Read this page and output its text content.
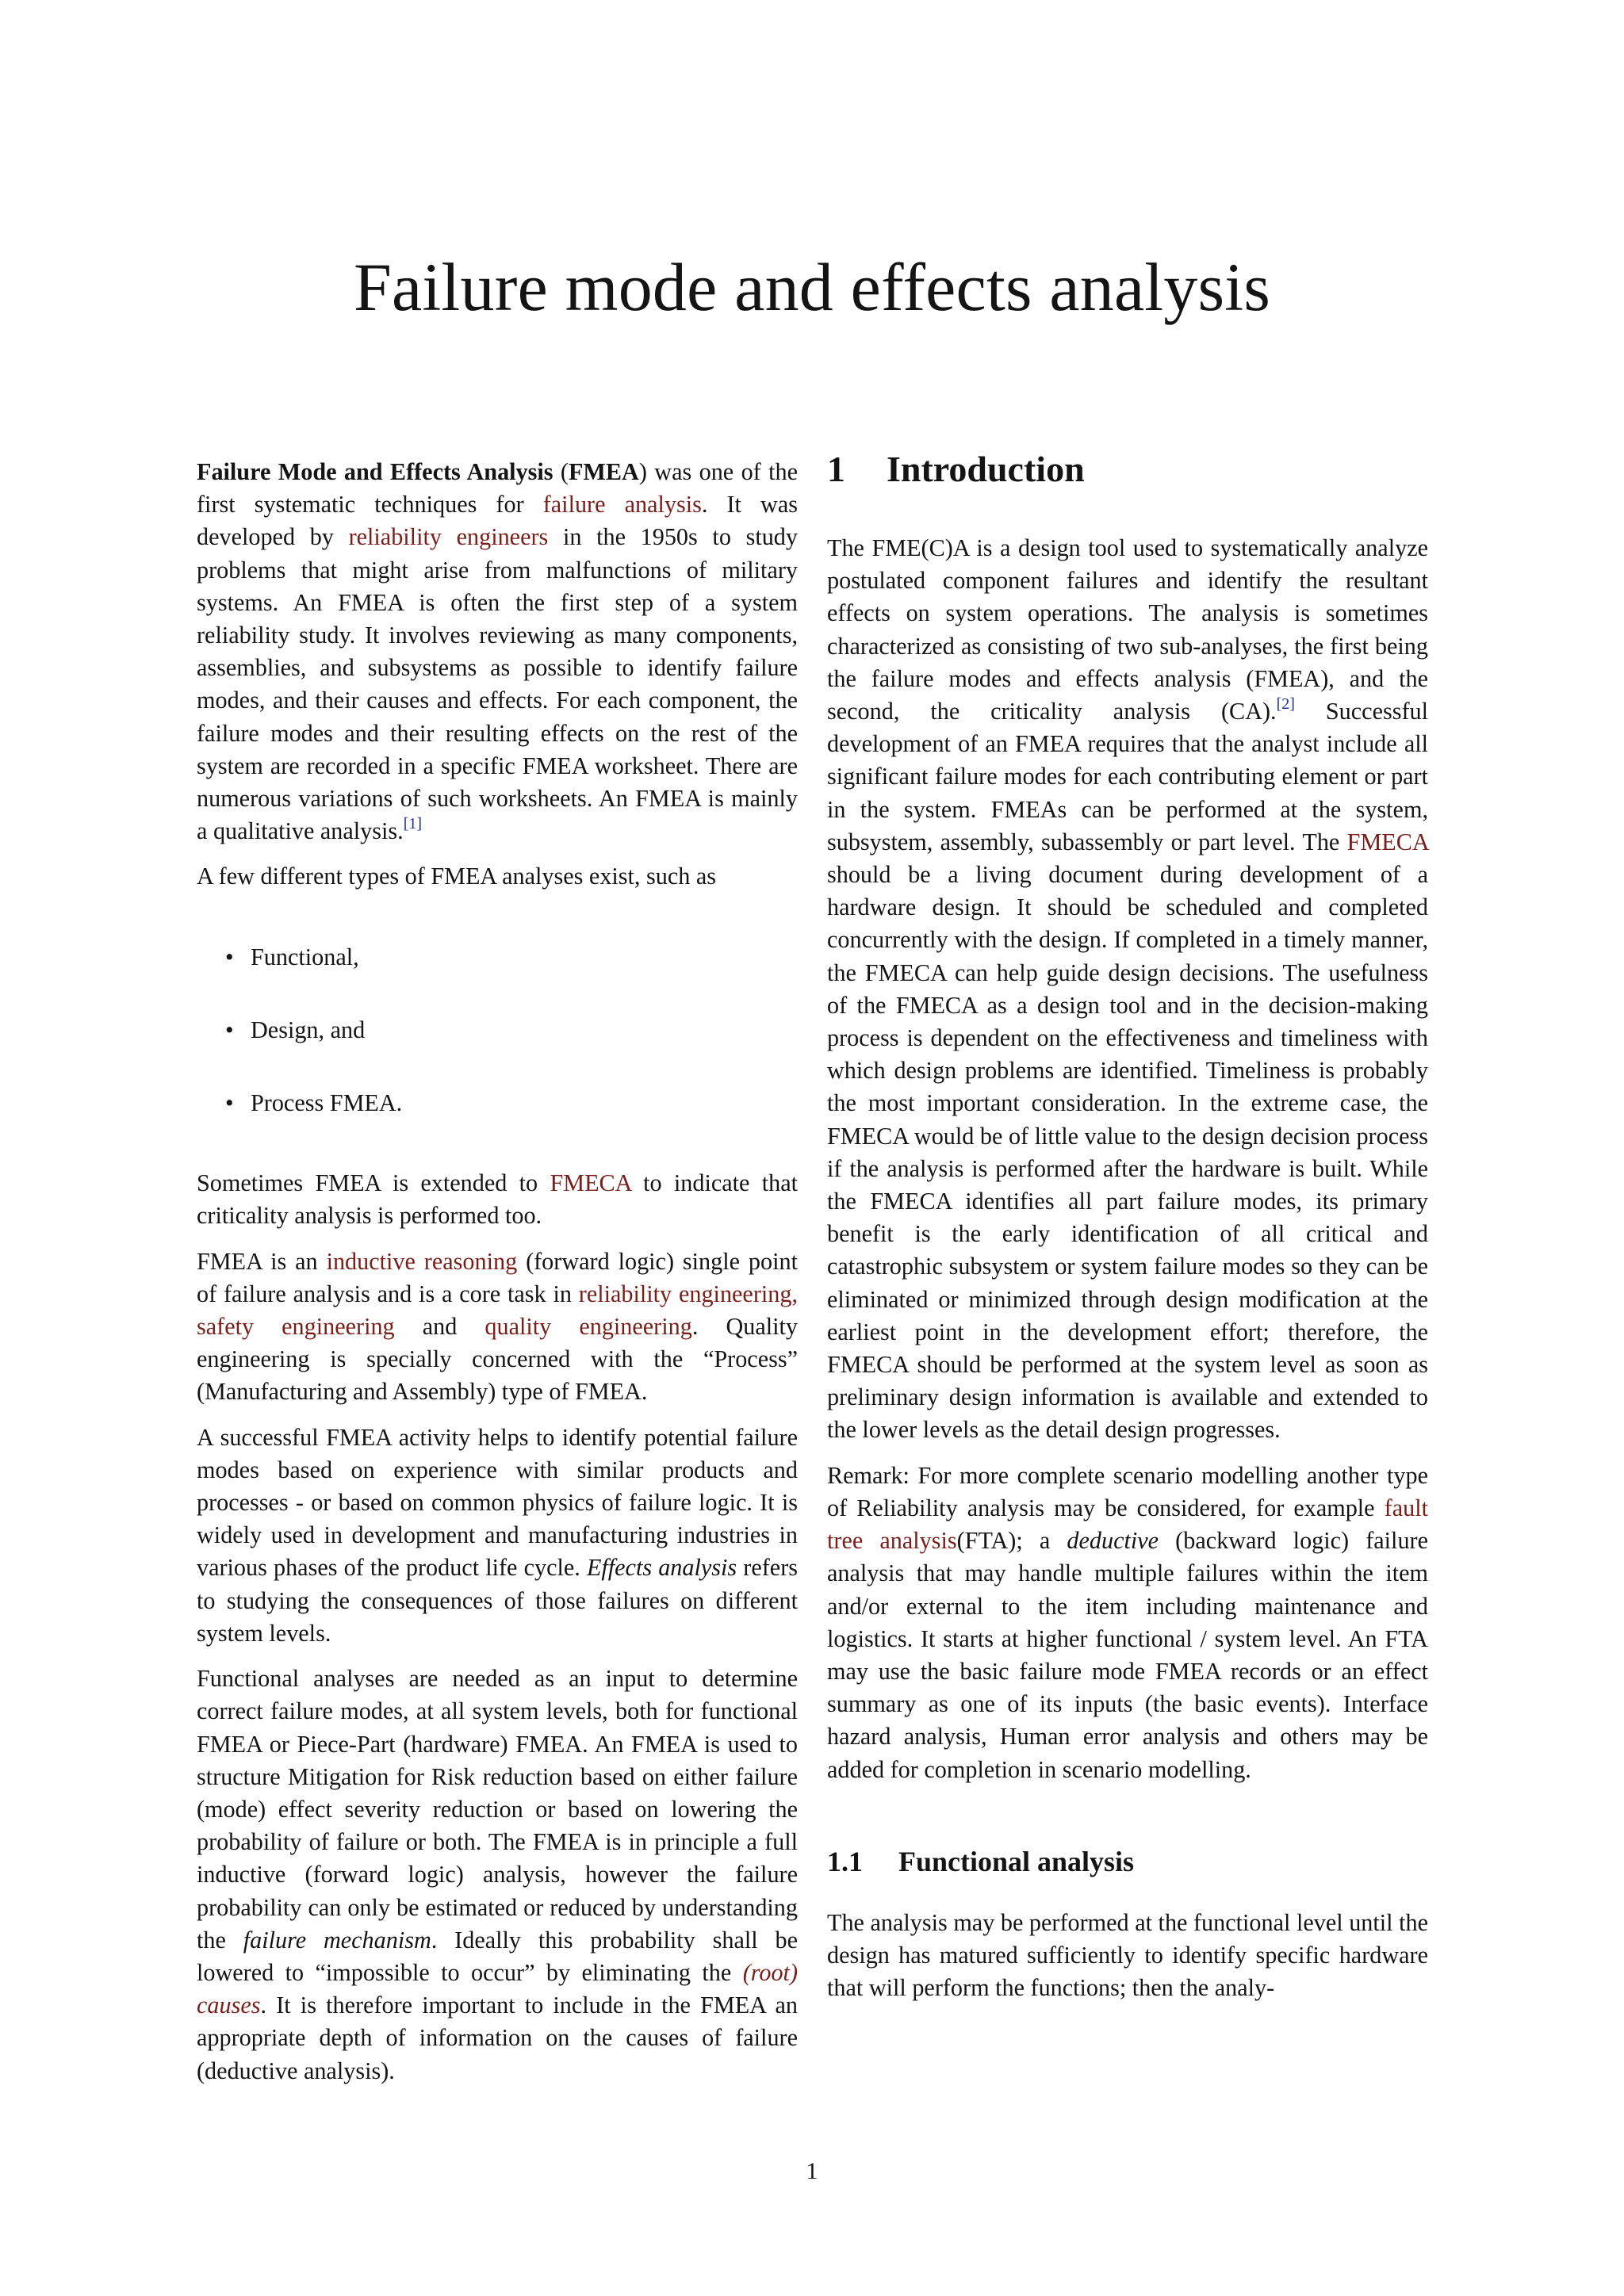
Failure mode and effects analysis

Failure Mode and Effects Analysis (FMEA) was one of the first systematic techniques for failure analysis. It was developed by reliability engineers in the 1950s to study problems that might arise from malfunctions of military systems. An FMEA is often the first step of a system reliability study. It involves reviewing as many components, assemblies, and subsystems as possible to identify failure modes, and their causes and effects. For each component, the failure modes and their resulting effects on the rest of the system are recorded in a specific FMEA worksheet. There are numerous variations of such worksheets. An FMEA is mainly a qualitative analysis.[1]

A few different types of FMEA analyses exist, such as

• Functional,
• Design, and
• Process FMEA.

Sometimes FMEA is extended to FMECA to indicate that criticality analysis is performed too.

FMEA is an inductive reasoning (forward logic) single point of failure analysis and is a core task in reliability engineering, safety engineering and quality engineering. Quality engineering is specially concerned with the “Process” (Manufacturing and Assembly) type of FMEA.

A successful FMEA activity helps to identify potential failure modes based on experience with similar products and processes - or based on common physics of failure logic. It is widely used in development and manufacturing industries in various phases of the product life cycle. Effects analysis refers to studying the consequences of those failures on different system levels.

Functional analyses are needed as an input to determine correct failure modes, at all system levels, both for functional FMEA or Piece-Part (hardware) FMEA. An FMEA is used to structure Mitigation for Risk reduction based on either failure (mode) effect severity reduction or based on lowering the probability of failure or both. The FMEA is in principle a full inductive (forward logic) analysis, however the failure probability can only be estimated or reduced by understanding the failure mechanism. Ideally this probability shall be lowered to “impossible to occur” by eliminating the (root) causes. It is therefore important to include in the FMEA an appropriate depth of information on the causes of failure (deductive analysis).

1 Introduction

The FME(C)A is a design tool used to systematically analyze postulated component failures and identify the resultant effects on system operations. The analysis is sometimes characterized as consisting of two sub-analyses, the first being the failure modes and effects analysis (FMEA), and the second, the criticality analysis (CA).[2] Successful development of an FMEA requires that the analyst include all significant failure modes for each contributing element or part in the system. FMEAs can be performed at the system, subsystem, assembly, subassembly or part level. The FMECA should be a living document during development of a hardware design. It should be scheduled and completed concurrently with the design. If completed in a timely manner, the FMECA can help guide design decisions. The usefulness of the FMECA as a design tool and in the decision-making process is dependent on the effectiveness and timeliness with which design problems are identified. Timeliness is probably the most important consideration. In the extreme case, the FMECA would be of little value to the design decision process if the analysis is performed after the hardware is built. While the FMECA identifies all part failure modes, its primary benefit is the early identification of all critical and catastrophic subsystem or system failure modes so they can be eliminated or minimized through design modification at the earliest point in the development effort; therefore, the FMECA should be performed at the system level as soon as preliminary design information is available and extended to the lower levels as the detail design progresses.

Remark: For more complete scenario modelling another type of Reliability analysis may be considered, for example fault tree analysis(FTA); a deductive (backward logic) failure analysis that may handle multiple failures within the item and/or external to the item including maintenance and logistics. It starts at higher functional / system level. An FTA may use the basic failure mode FMEA records or an effect summary as one of its inputs (the basic events). Interface hazard analysis, Human error analysis and others may be added for completion in scenario modelling.

1.1 Functional analysis

The analysis may be performed at the functional level until the design has matured sufficiently to identify specific hardware that will perform the functions; then the analy-

1
